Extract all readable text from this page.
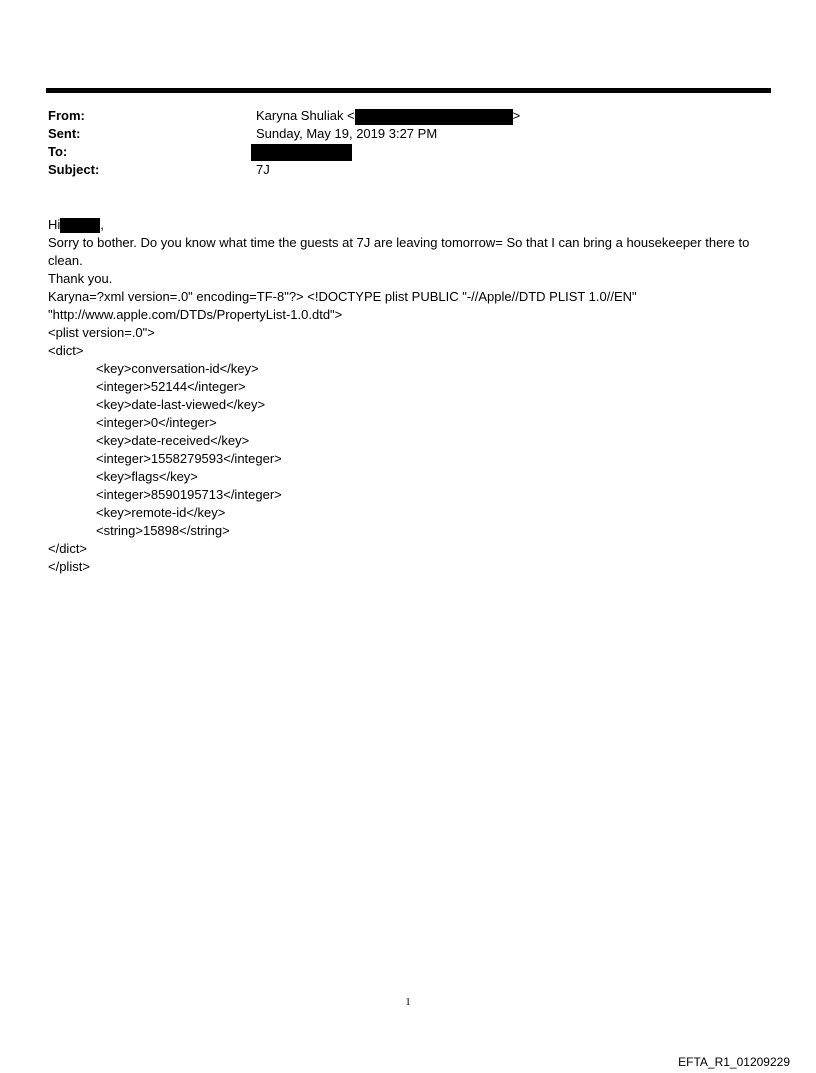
From:	Karyna Shuliak <	>
Sent:	Sunday, May 19, 2019 3:27 PM
To:
Subject:	7J
Hi	,
Sorry to bother. Do you know what time the guests at 7J are leaving tomorrow= So that I can bring a housekeeper there to clean.
Thank you.
Karyna=?xml version=.0" encoding=TF-8"?> <!DOCTYPE plist PUBLIC "-//Apple//DTD PLIST 1.0//EN"
"http://www.apple.com/DTDs/PropertyList-1.0.dtd">
<plist version=.0">
<dict>
<key>conversation-id</key>
<integer>52144</integer>
<key>date-last-viewed</key>
<integer>0</integer>
<key>date-received</key>
<integer>1558279593</integer>
<key>flags</key>
<integer>8590195713</integer>
<key>remote-id</key>
<string>15898</string>
</dict>
</plist>
1
EFTA_R1_01209229
